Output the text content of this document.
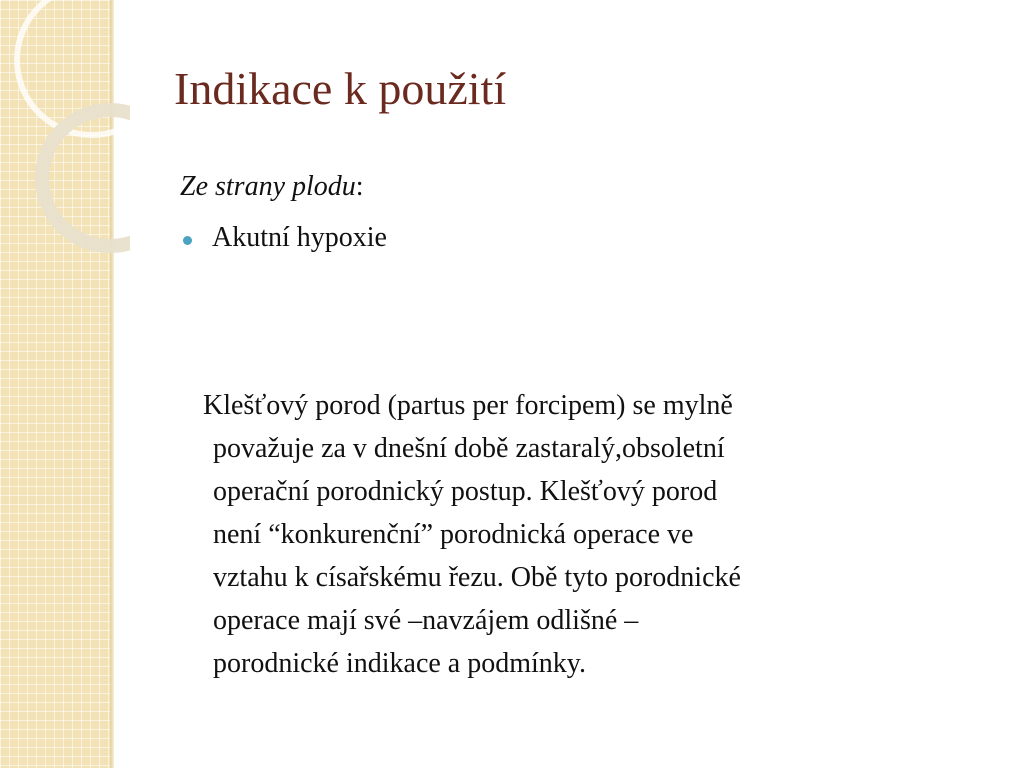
Indikace k použití
Ze strany plodu:
Akutní hypoxie

Klešťový porod (partus per forcipem) se mylně
považuje za v dnešní době zastaralý,obsoletní
operační porodnický postup. Klešťový porod
není “konkurenční” porodnická operace ve
vztahu k císařskému řezu. Obě tyto porodnické
operace mají své –navzájem odlišné –
porodnické indikace a podmínky.
